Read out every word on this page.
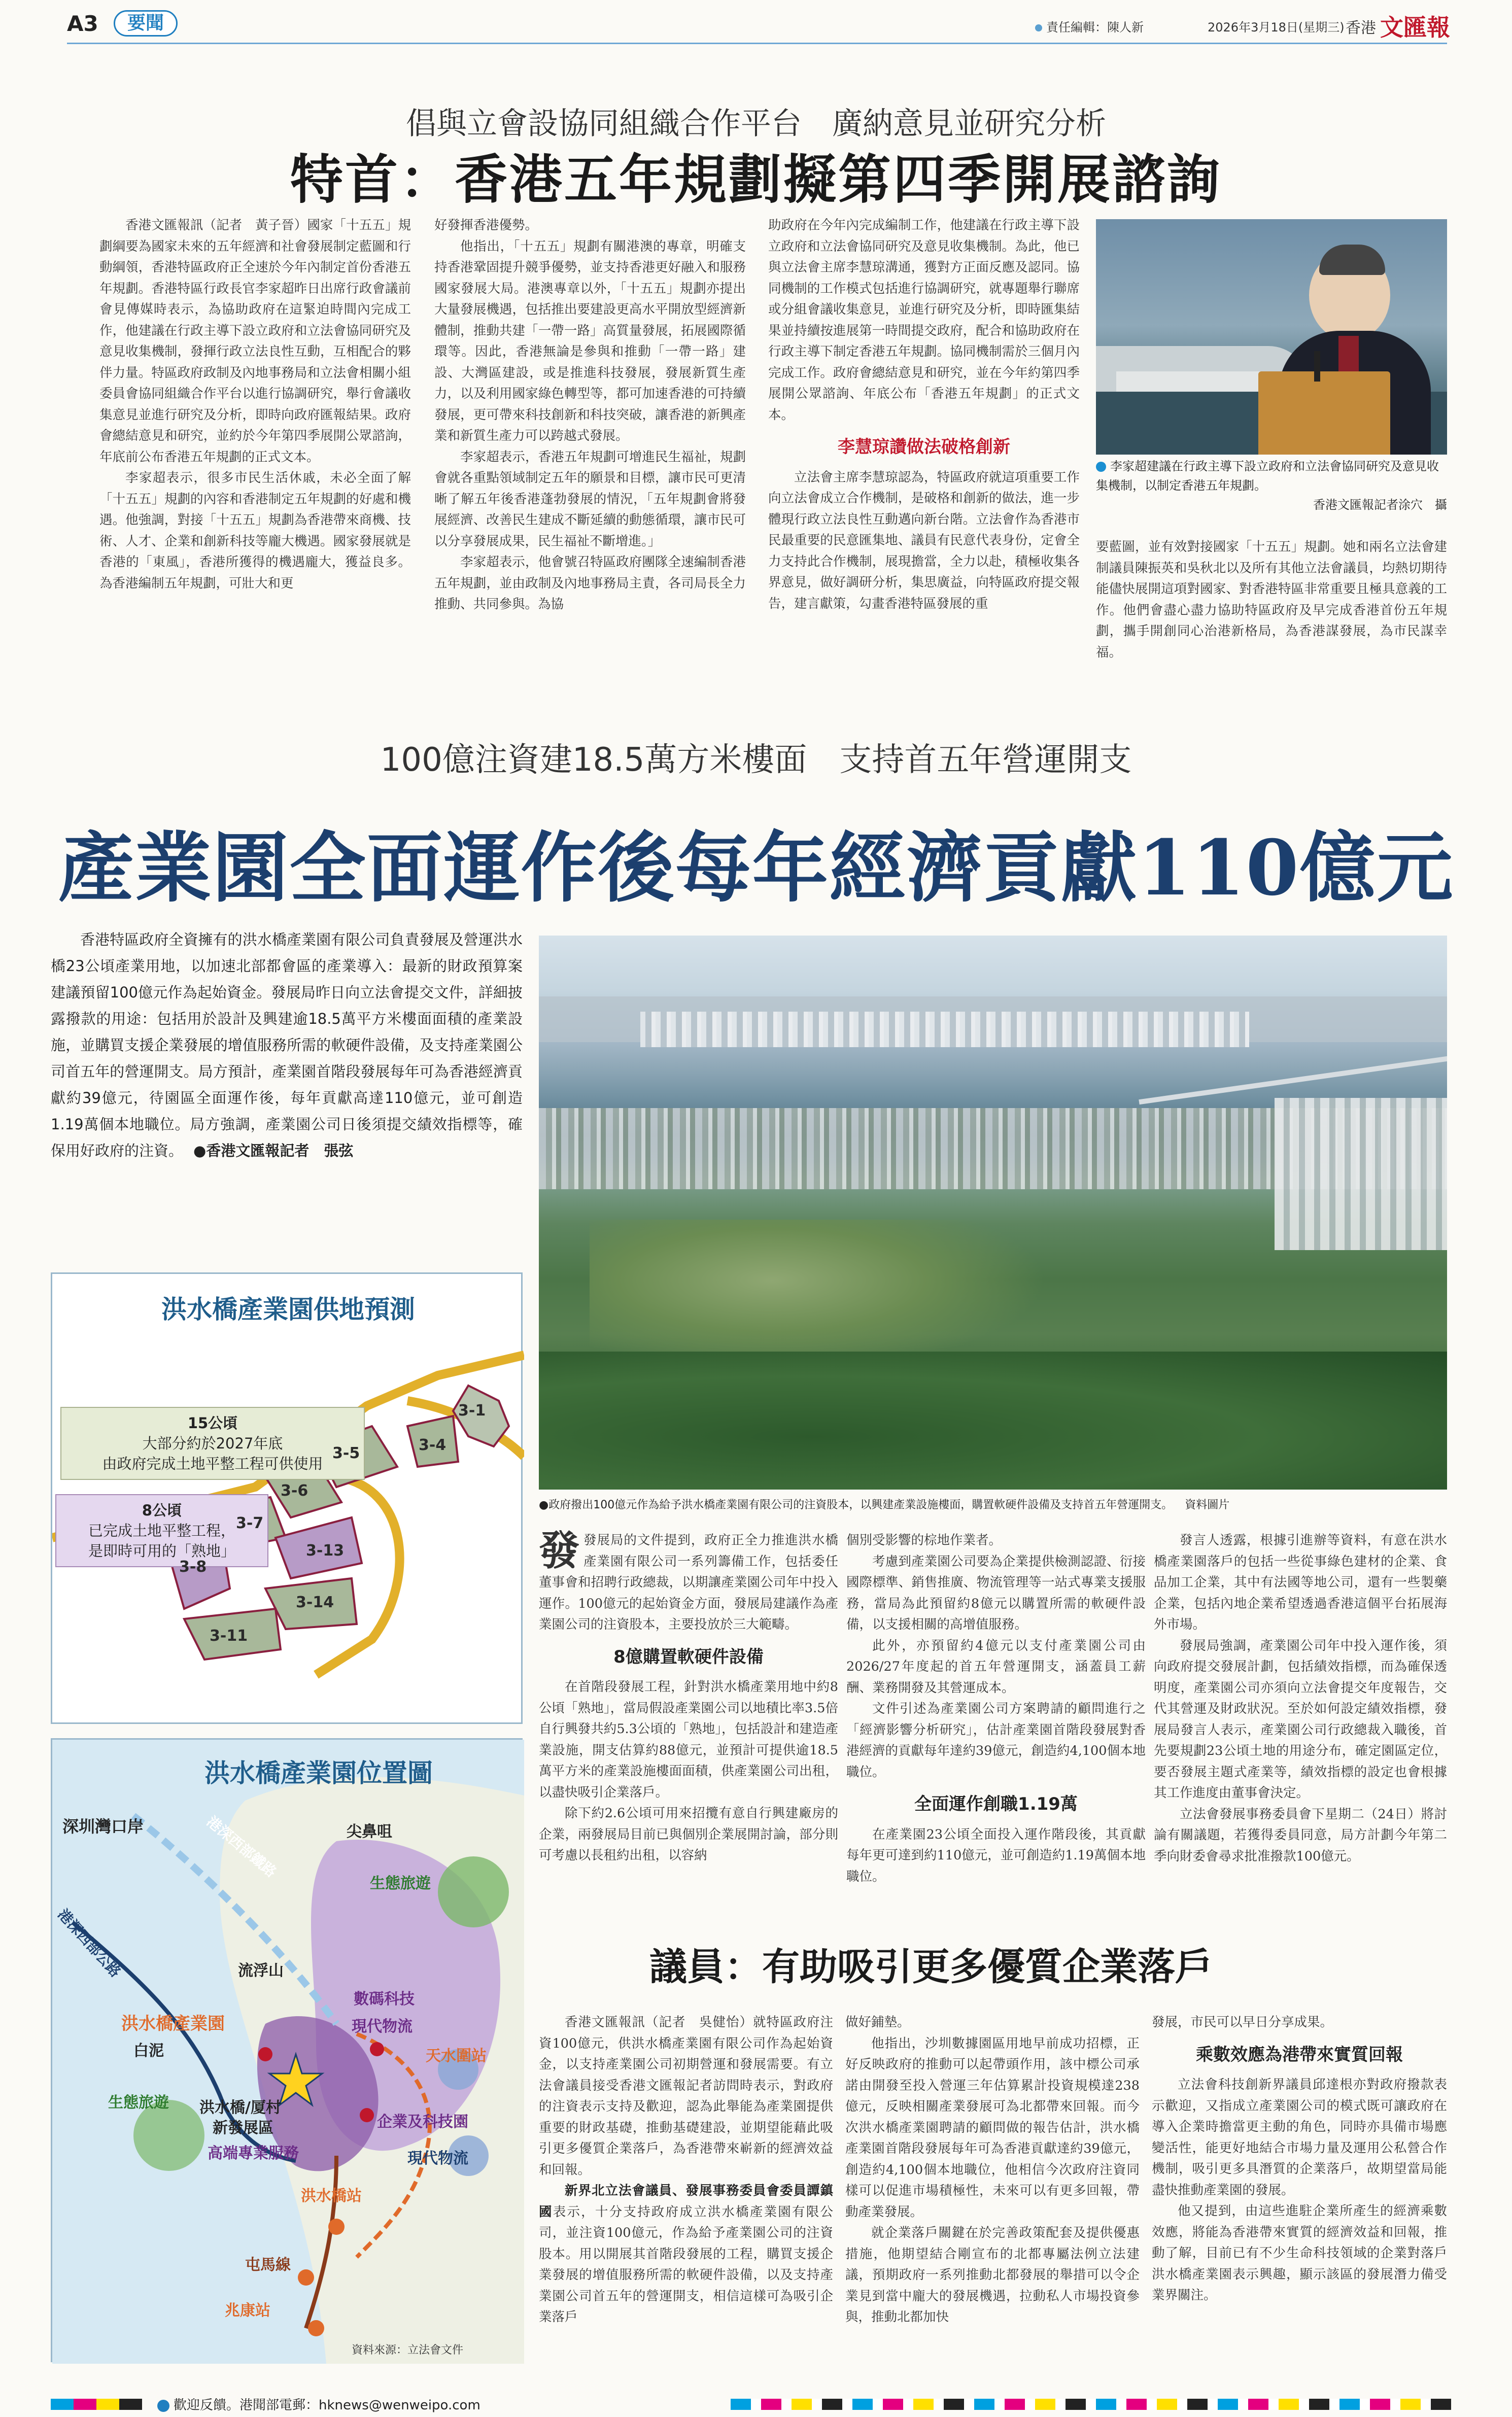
A3	要聞	責任編輯：陳人新	2026年3月18日(星期三) 香港 文匯報
倡與立會設協同組織合作平台　廣納意見並研究分析
特首：香港五年規劃擬第四季開展諮詢

香港文匯報訊（記者　黃子晉）國家「十五五」規劃綱要為國家未來的五年經濟和社會發展制定藍圖和行動綱領，香港特區政府正全速於今年內制定首份香港五年規劃。香港特區行政長官李家超昨日出席行政會議前會見傳媒時表示，為協助政府在這緊迫時間內完成工作，他建議在行政主導下設立政府和立法會協同研究及意見收集機制，發揮行政立法良性互動，互相配合的夥伴力量。特區政府政制及內地事務局和立法會相關小組委員會協同組織合作平台以進行協調研究，舉行會議收集意見並進行研究及分析，即時向政府匯報結果。政府會總結意見和研究，並約於今年第四季展開公眾諮詢，年底前公布香港五年規劃的正式文本。

李家超表示，很多市民生活休戚，未必全面了解「十五五」規劃的內容和香港制定五年規劃的好處和機遇。他強調，對接「十五五」規劃為香港帶來商機、技術、人才、企業和創新科技等龐大機遇。國家發展就是香港的「東風」，香港所獲得的機遇龐大，獲益良多。為香港編制五年規劃，可壯大和更

好發揮香港優勢。

他指出，「十五五」規劃有關港澳的專章，明確支持香港鞏固提升競爭優勢，並支持香港更好融入和服務國家發展大局。港澳專章以外，「十五五」規劃亦提出大量發展機遇，包括推出要建設更高水平開放型經濟新體制，推動共建「一帶一路」高質量發展，拓展國際循環等。因此，香港無論是參與和推動「一帶一路」建設、大灣區建設，或是推進科技發展，發展新質生產力，以及利用國家綠色轉型等，都可加速香港的可持續發展，更可帶來科技創新和科技突破，讓香港的新興產業和新質生產力可以跨越式發展。

李家超表示，香港五年規劃可增進民生福祉，規劃會就各重點領域制定五年的願景和目標，讓市民可更清晰了解五年後香港蓬勃發展的情況，「五年規劃會將發展經濟、改善民生建成不斷延續的動態循環，讓市民可以分享發展成果，民生福祉不斷增進。」

李家超表示，他會號召特區政府團隊全速編制香港五年規劃，並由政制及內地事務局主責，各司局長全力推動、共同參與。為協

助政府在今年內完成編制工作，他建議在行政主導下設立政府和立法會協同研究及意見收集機制。為此，他已與立法會主席李慧琼溝通，獲對方正面反應及認同。協同機制的工作模式包括進行協調研究，就專題舉行聯席或分組會議收集意見，並進行研究及分析，即時匯集結果並持續按進展第一時間提交政府，配合和協助政府在行政主導下制定香港五年規劃。協同機制需於三個月內完成工作。政府會總結意見和研究，並在今年約第四季展開公眾諮詢、年底公布「香港五年規劃」的正式文本。

李慧琼讚做法破格創新

立法會主席李慧琼認為，特區政府就這項重要工作向立法會成立合作機制，是破格和創新的做法，進一步體現行政立法良性互動邁向新台階。立法會作為香港市民最重要的民意匯集地、議員有民意代表身份，定會全力支持此合作機制，展現擔當，全力以赴，積極收集各界意見，做好調研分析，集思廣益，向特區政府提交報告，建言獻策，勾畫香港特區發展的重

李家超建議在行政主導下設立政府和立法會協同研究及意見收集機制，以制定香港五年規劃。
香港文匯報記者涂穴　攝

要藍圖，並有效對接國家「十五五」規劃。她和兩名立法會建制議員陳振英和吳秋北以及所有其他立法會議員，均熱切期待能儘快展開這項對國家、對香港特區非常重要且極具意義的工作。他們會盡心盡力協助特區政府及早完成香港首份五年規劃，攜手開創同心治港新格局，為香港謀發展，為市民謀幸福。

100億注資建18.5萬方米樓面　支持首五年營運開支
產業園全面運作後每年經濟貢獻110億元
香港特區政府全資擁有的洪水橋產業園有限公司負責發展及營運洪水橋23公頃產業用地，以加速北部都會區的產業導入：最新的財政預算案建議預留100億元作為起始資金。發展局昨日向立法會提交文件，詳細披露撥款的用途：包括用於設計及興建逾18.5萬平方米樓面面積的產業設施，並購買支援企業發展的增值服務所需的軟硬件設備，及支持產業園公司首五年的營運開支。局方預計，產業園首階段發展每年可為香港經濟貢獻約39億元，待園區全面運作後，每年貢獻高達110億元，並可創造1.19萬個本地職位。局方強調，產業園公司日後須提交績效指標等，確保用好政府的注資。 ●香港文匯報記者　張弦
●政府撥出100億元作為給予洪水橋產業園有限公司的注資股本，以興建產業設施樓面，購置軟硬件設備及支持首五年營運開支。 資料圖片
洪水橋產業園供地預測
15公頃
大部分約於2027年底
由政府完成土地平整工程可供使用
8公頃
已完成土地平整工程，
是即時可用的「熟地」
3-1
3-4
3-5
3-6
3-7
3-8
3-13
3-14
3-11
洪水橋產業園位置圖
深圳灣口岸	尖鼻咀
生態旅遊
港深西部鐵路
港深西部公路	流浮山
數碼科技
現代物流
洪水橋產業園
白泥	天水圍站
生態旅遊 洪水橋/厦村
新發展區	企業及科技園
高端專業服務	現代物流
洪水橋站
屯馬線
兆康站
資料來源：立法會文件

發發展局的文件提到，政府正全力推進洪水橋產業園有限公司一系列籌備工作，包括委任董事會和招聘行政總裁，以期讓產業園公司年中投入運作。100億元的起始資金方面，發展局建議作為產業園公司的注資股本，主要投放於三大範疇。

8億購置軟硬件設備

在首階段發展工程，針對洪水橋產業用地中約8公頃「熟地」，當局假設產業園公司以地積比率3.5倍自行興發共約5.3公頃的「熟地」，包括設計和建造產業設施，開支估算約88億元，並預計可提供逾18.5萬平方米的產業設施樓面面積，供產業園公司出租，以盡快吸引企業落戶。

除下約2.6公頃可用來招攬有意自行興建廠房的企業，兩發展局目前已與個別企業展開討論，部分則可考慮以長租約出租，以容納

個別受影響的棕地作業者。

考慮到產業園公司要為企業提供檢測認證、衍接國際標準、銷售推廣、物流管理等一站式專業支援服務，當局為此預留約8億元以購置所需的軟硬件設備，以支援相關的高增值服務。

此外，亦預留約4億元以支付產業園公司由2026/27年度起的首五年營運開支，涵蓋員工薪酬、業務開發及其營運成本。

文件引述為產業園公司方案聘請的顧問進行之「經濟影響分析研究」，估計產業園首階段發展對香港經濟的貢獻每年達約39億元，創造約4,100個本地職位。

全面運作創職1.19萬

在產業園23公頃全面投入運作階段後，其貢獻每年更可達到約110億元，並可創造約1.19萬個本地職位。

發言人透露，根據引進辦等資料，有意在洪水橋產業園落戶的包括一些從事綠色建材的企業、食品加工企業，其中有法國等地公司，還有一些製藥企業，包括內地企業希望透過香港這個平台拓展海外市場。

發展局強調，產業園公司年中投入運作後，須向政府提交發展計劃，包括績效指標，而為確保透明度，產業園公司亦須向立法會提交年度報告，交代其營運及財政狀況。至於如何設定績效指標，發展局發言人表示，產業園公司行政總裁入職後，首先要規劃23公頃土地的用途分布，確定園區定位，要否發展主題式產業等，績效指標的設定也會根據其工作進度由董事會決定。

立法會發展事務委員會下星期二（24日）將討論有關議題，若獲得委員同意，局方計劃今年第二季向財委會尋求批准撥款100億元。

議員：有助吸引更多優質企業落戶

香港文匯報訊（記者　吳健怡）就特區政府注資100億元，供洪水橋產業園有限公司作為起始資金，以支持產業園公司初期營運和發展需要。有立法會議員接受香港文匯報記者訪問時表示，對政府的注資表示支持及歡迎，認為此舉能為產業園提供重要的財政基礎，推動基礎建設，並期望能藉此吸引更多優質企業落戶，為香港帶來嶄新的經濟效益和回報。

新界北立法會議員、發展事務委員會委員譚鎮國表示，十分支持政府成立洪水橋產業園有限公司，並注資100億元，作為給予產業園公司的注資股本。用以開展其首階段發展的工程，購買支援企業發展的增值服務所需的軟硬件設備，以及支持產業園公司首五年的營運開支，相信這樣可為吸引企業落戶

做好鋪墊。

他指出，沙圳數據園區用地早前成功招標，正好反映政府的推動可以起帶頭作用，該中標公司承諾由開發至投入營運三年估算累計投資規模達238億元，反映相關產業發展可為北都帶來回報。而今次洪水橋產業園聘請的顧問做的報告估計，洪水橋產業園首階段發展每年可為香港貢獻達約39億元，創造約4,100個本地職位，他相信今次政府注資同樣可以促進市場積極性，未來可以有更多回報，帶動產業發展。

就企業落戶關鍵在於完善政策配套及提供優惠措施，他期望結合剛宣布的北都專屬法例立法建議，預期政府一系列推動北都發展的舉措可以令企業見到當中龐大的發展機遇，拉動私人市場投資參與，推動北都加快

發展，市民可以早日分享成果。

乘數效應為港帶來實質回報

立法會科技創新界議員邱達根亦對政府撥款表示歡迎，又指成立產業園公司的模式既可讓政府在導入企業時擔當更主動的角色，同時亦具備市場應變活性，能更好地結合市場力量及運用公私營合作機制，吸引更多具潛質的企業落戶，故期望當局能盡快推動產業園的發展。

他又提到，由這些進駐企業所產生的經濟乘數效應，將能為香港帶來實質的經濟效益和回報，推動了解，目前已有不少生命科技領域的企業對落戶洪水橋產業園表示興趣，顯示該區的發展潛力備受業界關注。

歡迎反饋。港聞部電郵：hknews@wenweipo.com
